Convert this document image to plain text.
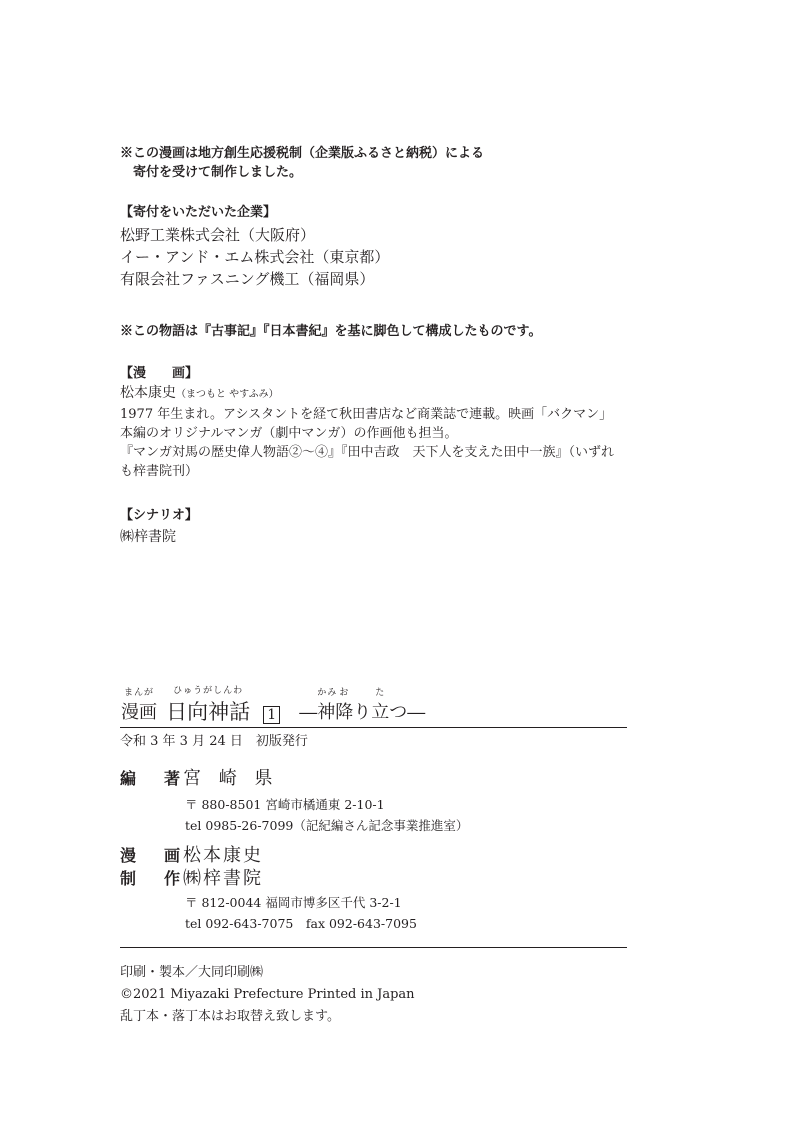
※この漫画は地方創生応援税制（企業版ふるさと納税）による
　寄付を受けて制作しました。
【寄付をいただいた企業】
松野工業株式会社（大阪府）
イー・アンド・エム株式会社（東京都）
有限会社ファスニング機工（福岡県）
※この物語は『古事記』『日本書紀』を基に脚色して構成したものです。
【漫　　画】
松本康史（まつもと やすふみ）
1977 年生まれ。アシスタントを経て秋田書店など商業誌で連載。映画「バクマン」
本編のオリジナルマンガ（劇中マンガ）の作画他も担当。
『マンガ対馬の歴史偉人物語②〜④』『田中吉政　天下人を支えた田中一族』（いずれ
も梓書院刊）
【シナリオ】
㈱梓書院
まんが
漫画
ひゅうがしんわ
日向神話 1 ―
かみ
神
お
降
り
た
立
つ―
令和 3 年 3 月 24 日　初版発行
編　著
宮 崎 県
〒 880-8501 宮崎市橘通東 2-10-1
tel 0985-26-7099（記紀編さん記念事業推進室）
漫　画
松本康史
制　作
㈱梓書院
〒 812-0044 福岡市博多区千代 3-2-1
tel 092-643-7075　fax 092-643-7095
印刷・製本／大同印刷㈱
©2021 Miyazaki Prefecture Printed in Japan
乱丁本・落丁本はお取替え致します。
